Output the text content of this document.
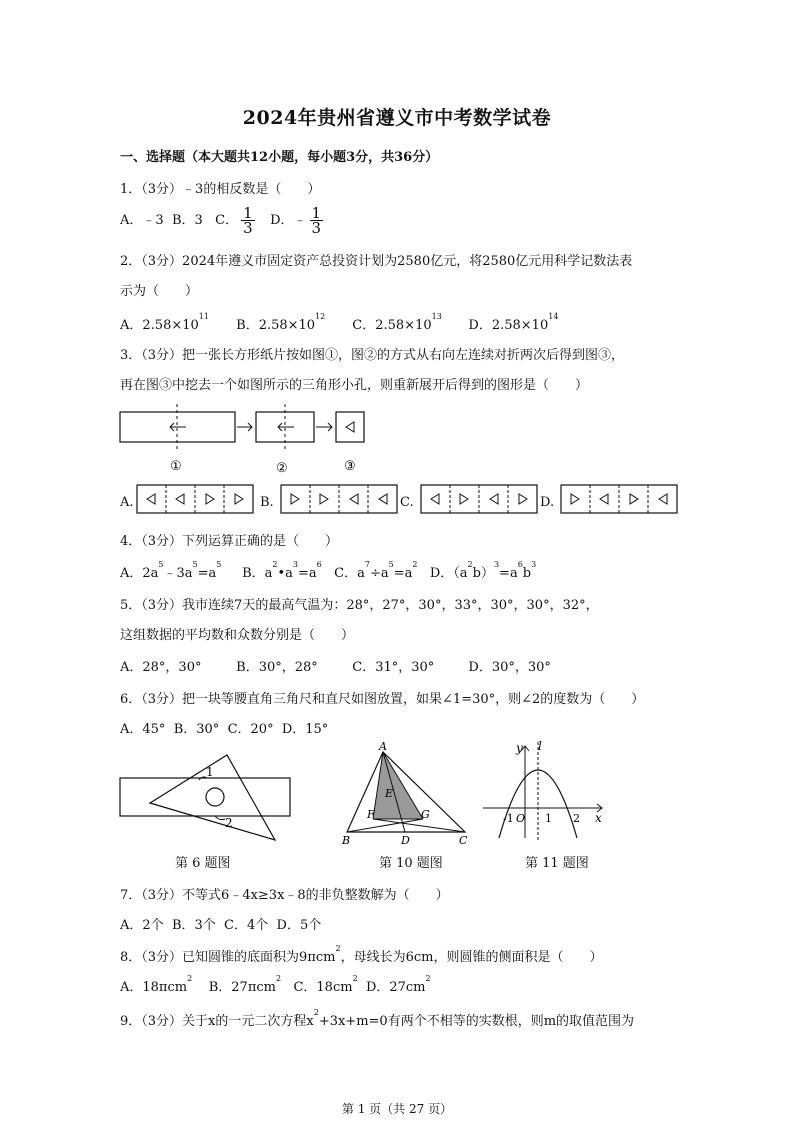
2024年贵州省遵义市中考数学试卷
一、选择题（本大题共12小题，每小题3分，共36分）
1．（3分）﹣3的相反数是（　　）
A．﹣3 B．3 C． $\frac{1}{3}$ D．﹣ $\frac{1}{3}$
2．（3分）2024年遵义市固定资产总投资计划为2580亿元，将2580亿元用科学记数法表
示为（　　）
A．$2.58\times 10^{11}$ B．$2.58\times 10^{12}$ C．$2.58\times 10^{13}$ D．$2.58\times 10^{14}$
3．（3分）把一张长方形纸片按如图①，图②的方式从右向左连续对折两次后得到图③，
再在图③中挖去一个如图所示的三角形小孔，则重新展开后得到的图形是（　　）
①	②	③
A.	B.	C.	D.
4．（3分）下列运算正确的是（　　）
A．$2a^5﹣3a^5=a^5$     B．$a^2•a^3=a^6$   C．$a^7\div a^5=a^2$   D．$(a^2b)^3=a^6b^3$
5．（3分）我市连续7天的最高气温为：28°，27°，30°，33°，30°，30°，32°，
这组数据的平均数和众数分别是（　　）
A．28°，30°	B．30°，28°	C．31°，30°	D．30°，30°
6．（3分）把一块等腰直角三角尺和直尺如图放置，如果∠1=30°，则∠2的度数为（　　）
A．45° B．30° C．20° D．15°
1
2
第 6 题图
A
B	C
D
E
F	G
第 10 题图
y l
x
O
-1	1 2
第 11 题图
7．（3分）不等式6﹣4x≥3x﹣8的非负整数解为（　　）
A．2个 B．3个 C．4个 D．5个
8．（3分）已知圆锥的底面积为9πcm$^2$，母线长为6cm，则圆锥的侧面积是（　　）
A．18πcm$^2$    B．27πcm$^2$   C．$18cm^2$  D．$27cm^2$
9．（3分）关于x的一元二次方程$x^2+3x+m=0$有两个不相等的实数根，则m的取值范围为
第 1 页（共 27 页）
